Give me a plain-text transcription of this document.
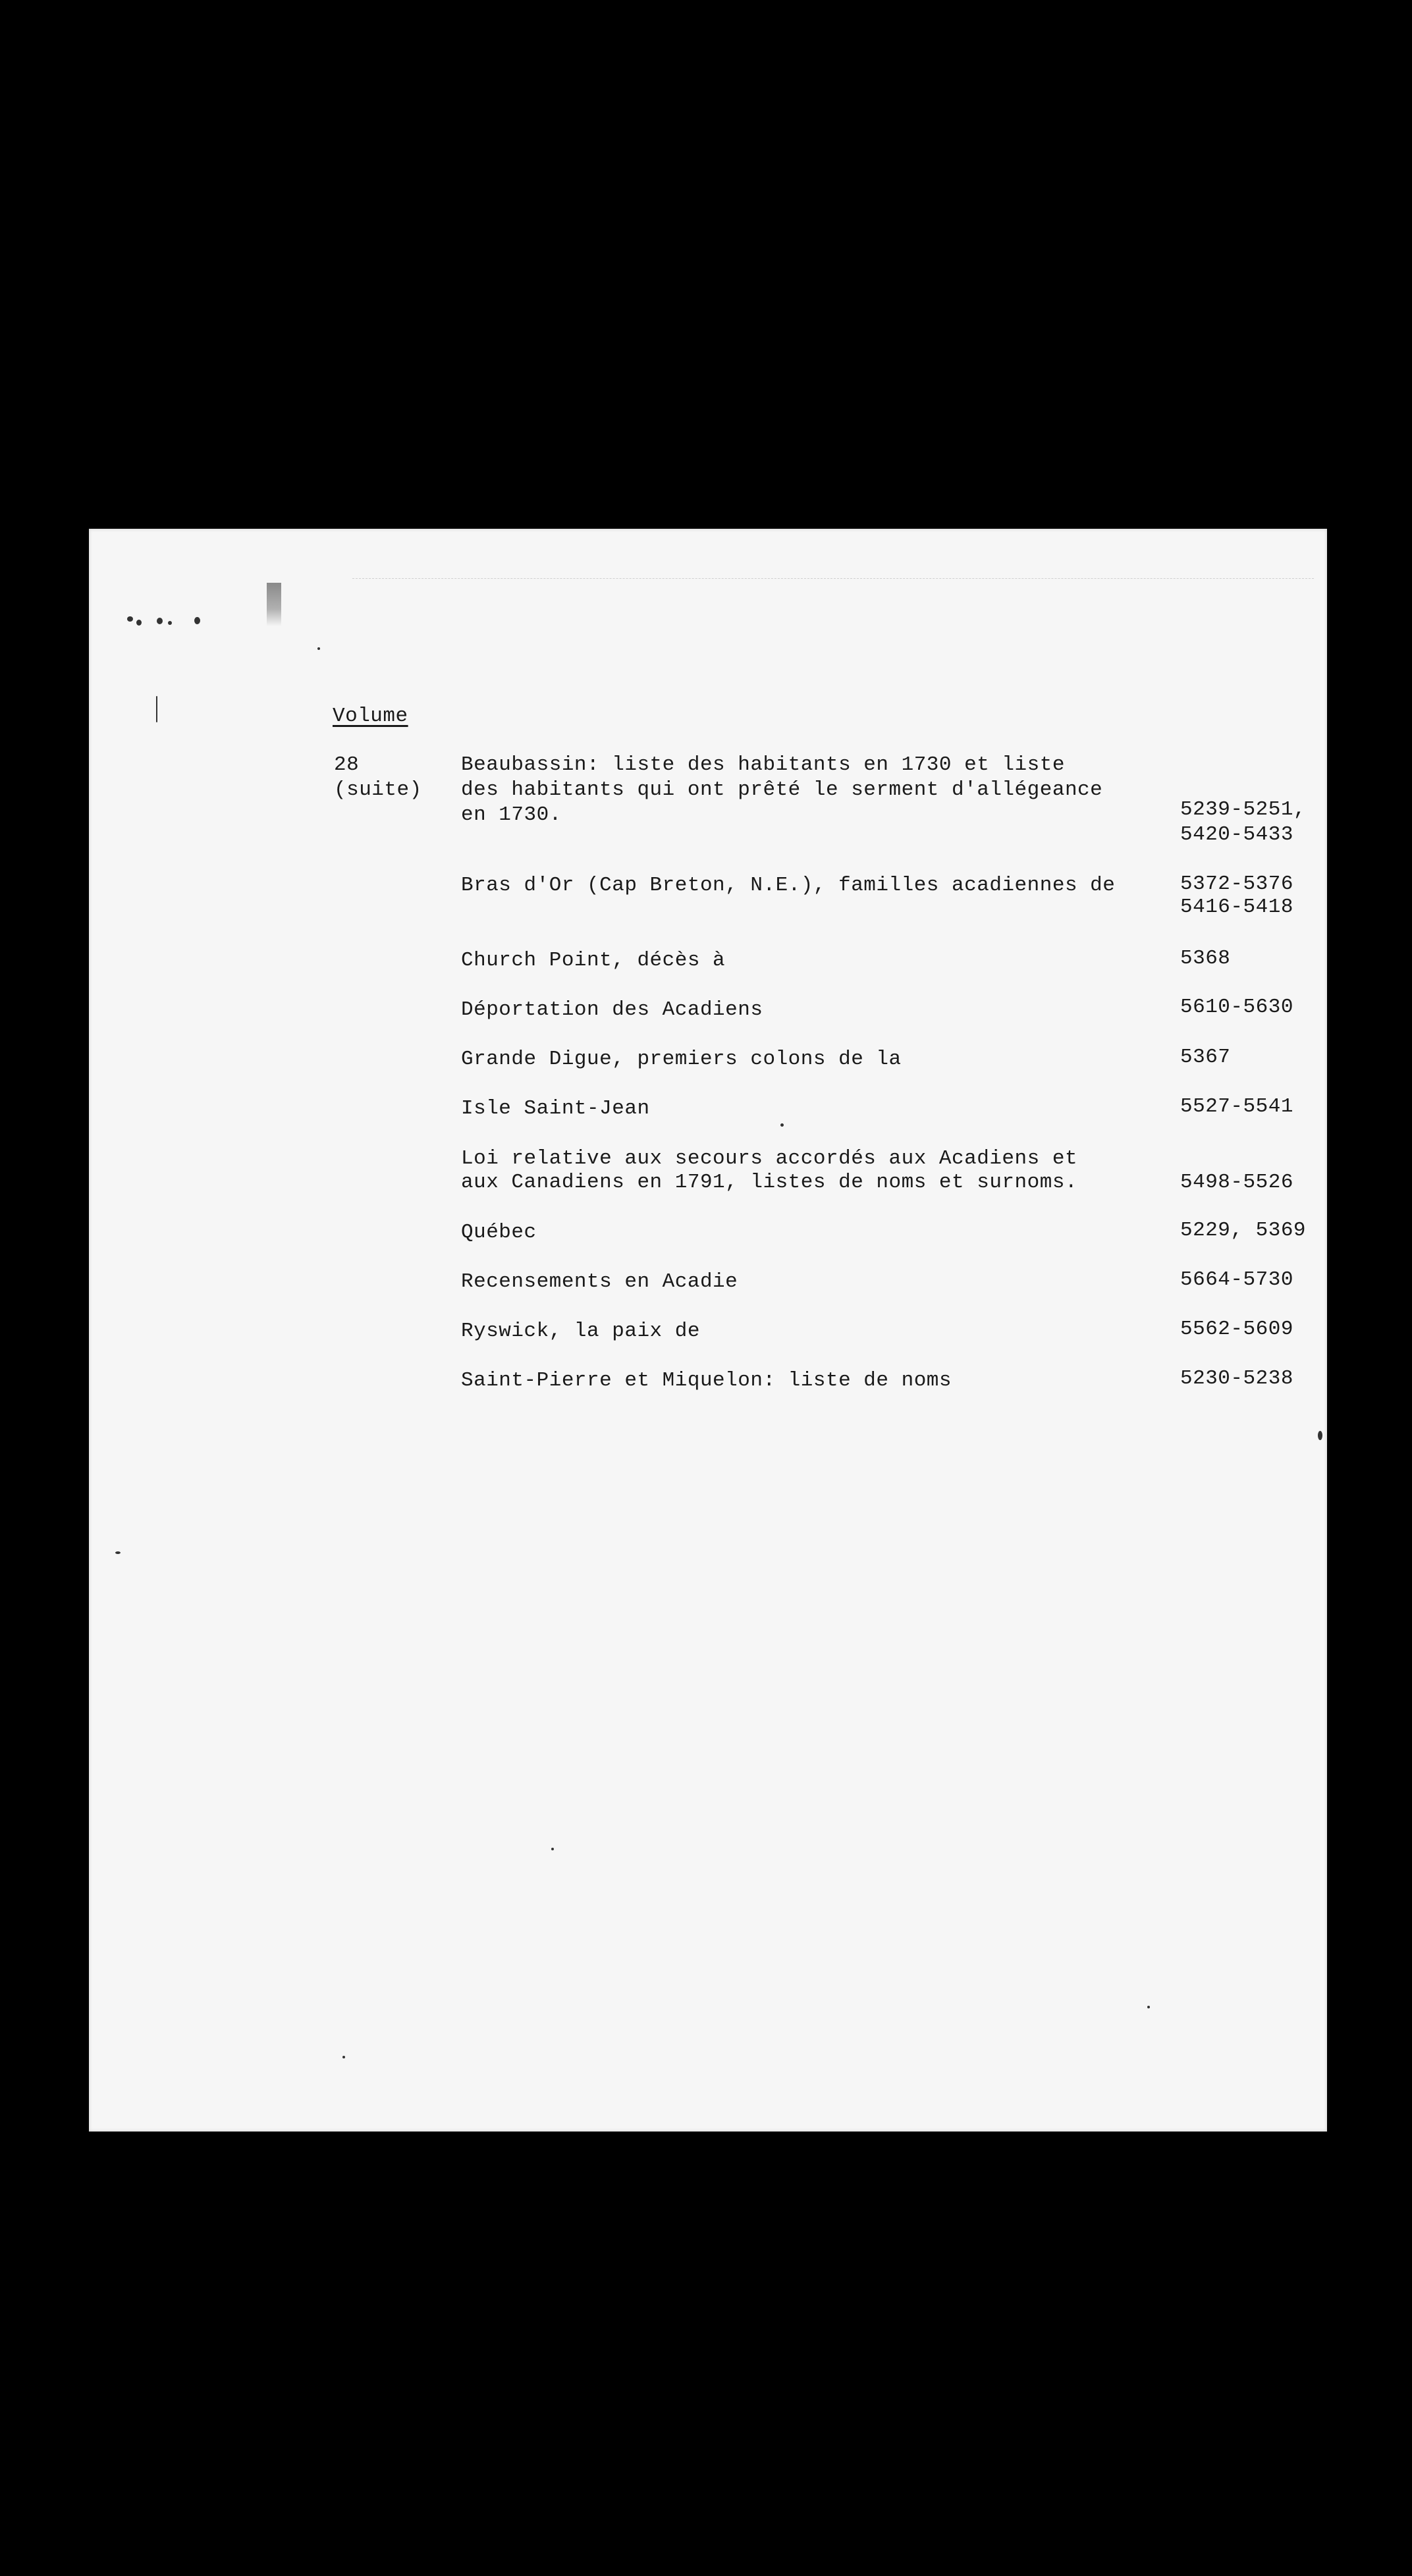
Volume
28
(suite)
Beaubassin: liste des habitants en 1730 et liste
des habitants qui ont prêté le serment d'allégeance
en 1730.	5239-5251,
5420-5433
Bras d'Or (Cap Breton, N.E.), familles acadiennes de	5372-5376
5416-5418
Church Point, décès à	5368
Déportation des Acadiens	5610-5630
Grande Digue, premiers colons de la	5367
Isle Saint-Jean	5527-5541
Loi relative aux secours accordés aux Acadiens et
aux Canadiens en 1791, listes de noms et surnoms.	5498-5526
Québec	5229, 5369
Recensements en Acadie	5664-5730
Ryswick, la paix de	5562-5609
Saint-Pierre et Miquelon: liste de noms	5230-5238
